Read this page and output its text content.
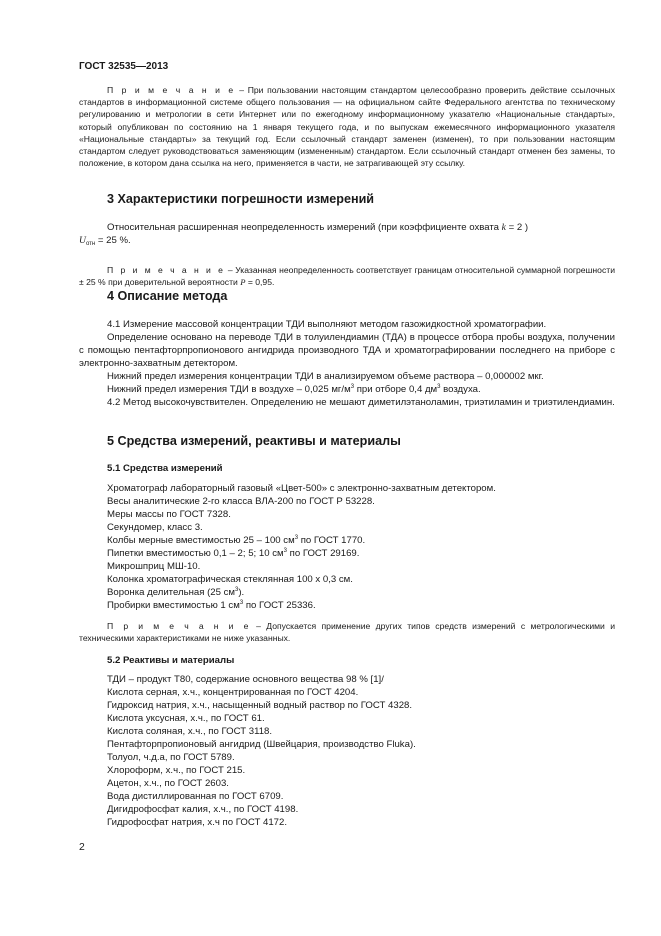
ГОСТ 32535—2013
П р и м е ч а н и е – При пользовании настоящим стандартом целесообразно проверить действие ссылочных стандартов в информационной системе общего пользования — на официальном сайте Федерального агентства по техническому регулированию и метрологии в сети Интернет или по ежегодному информационному указателю «Национальные стандарты», который опубликован по состоянию на 1 января текущего года, и по выпускам ежемесячного информационного указателя «Национальные стандарты» за текущий год. Если ссылочный стандарт заменен (изменен), то при пользовании настоящим стандартом следует руководствоваться заменяющим (измененным) стандартом. Если ссылочный стандарт отменен без замены, то положение, в котором дана ссылка на него, применяется в части, не затрагивающей эту ссылку.
3 Характеристики погрешности измерений
Относительная расширенная неопределенность измерений (при коэффициенте охвата k = 2 )
$U_{отн} = 25$ %.
П р и м е ч а н и е – Указанная неопределенность соответствует границам относительной суммарной погрешности ± 25 % при доверительной вероятности P = 0,95.
4 Описание метода
4.1 Измерение массовой концентрации ТДИ выполняют методом газожидкостной хроматографии.
Определение основано на переводе ТДИ в толуилендиамин (ТДА) в процессе отбора пробы воздуха, получении с помощью пентафторпропионового ангидрида производного ТДА и хроматографировании последнего на приборе с электронно-захватным детектором.
Нижний предел измерения концентрации ТДИ в анализируемом объеме раствора – 0,000002 мкг.
Нижний предел измерения ТДИ в воздухе – 0,025 $мг/м^3$ при отборе 0,4 $дм^3$ воздуха.
4.2 Метод высокочувствителен. Определению не мешают диметилэтаноламин, триэтиламин и триэтилендиамин.
5 Средства измерений, реактивы и материалы
5.1 Средства измерений
Хроматограф лабораторный газовый «Цвет-500» с электронно-захватным детектором.
Весы аналитические 2-го класса ВЛА-200 по ГОСТ Р 53228.
Меры массы по ГОСТ 7328.
Секундомер, класс 3.
Колбы мерные вместимостью 25 – 100 $см^3$ по ГОСТ 1770.
Пипетки вместимостью 0,1 – 2; 5; 10 $см^3$ по ГОСТ 29169.
Микрошприц МШ-10.
Колонка хроматографическая стеклянная 100 х 0,3 см.
Воронка делительная (25 $см^3$).
Пробирки вместимостью 1 $см^3$ по ГОСТ 25336.
П р и м е ч а н и е – Допускается применение других типов средств измерений с метрологическими и техническими характеристиками не ниже указанных.
5.2 Реактивы и материалы
ТДИ – продукт Т80, содержание основного вещества 98 % [1]/
Кислота серная, х.ч., концентрированная по ГОСТ 4204.
Гидроксид натрия, х.ч., насыщенный водный раствор по ГОСТ 4328.
Кислота уксусная, х.ч., по ГОСТ 61.
Кислота соляная, х.ч., по ГОСТ 3118.
Пентафторпропионовый ангидрид (Швейцария, производство Fluka).
Толуол, ч.д.а, по ГОСТ 5789.
Хлороформ, х.ч., по ГОСТ 215.
Ацетон, х.ч., по ГОСТ 2603.
Вода дистиллированная по ГОСТ 6709.
Дигидрофосфат калия, х.ч., по ГОСТ 4198.
Гидрофосфат натрия, х.ч по ГОСТ 4172.
2
